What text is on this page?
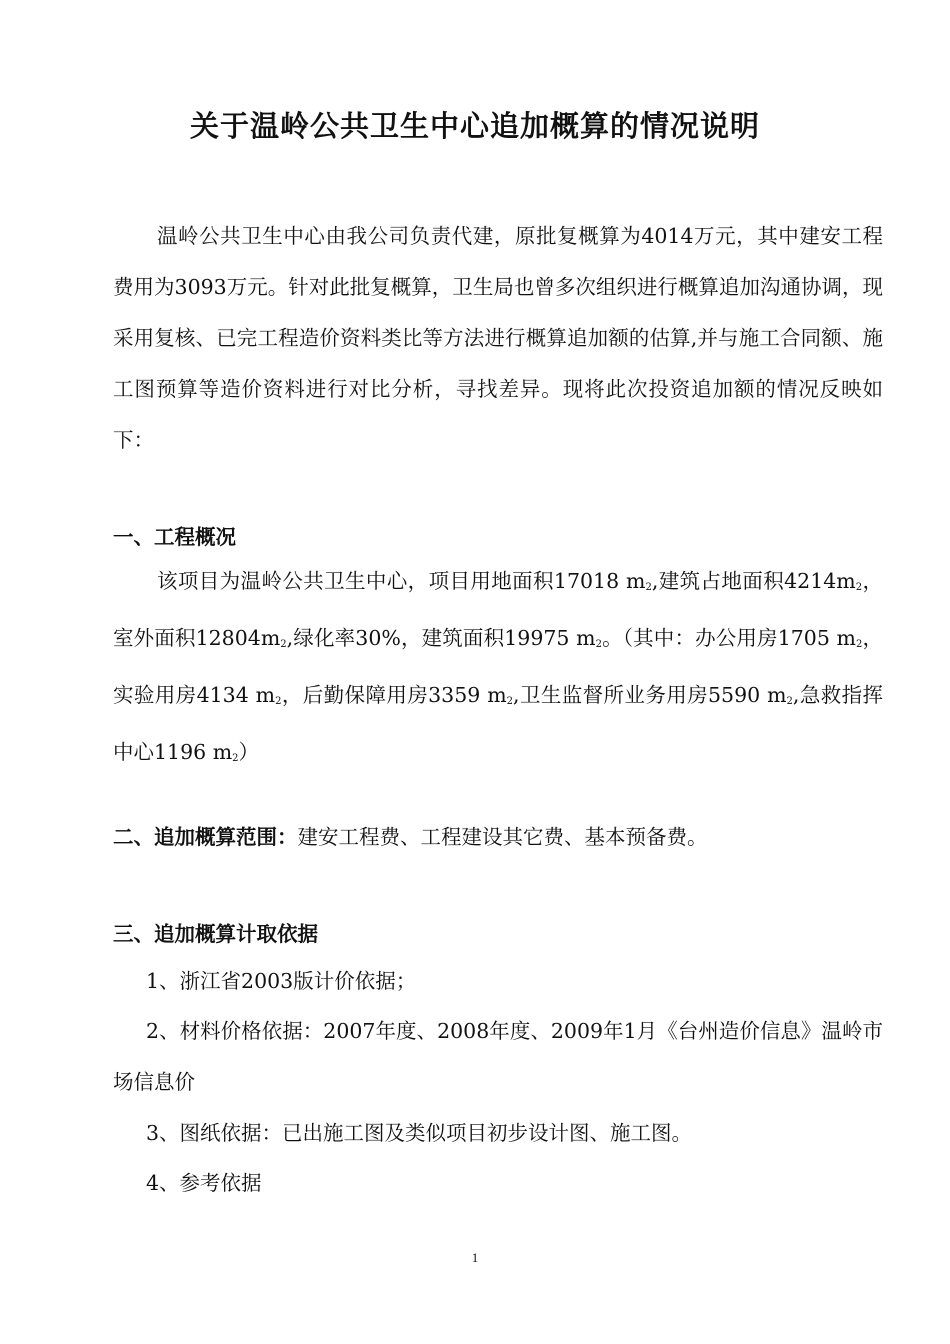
关于温岭公共卫生中心追加概算的情况说明

温岭公共卫生中心由我公司负责代建，原批复概算为4014万元，其中建安工程费用为3093万元。针对此批复概算，卫生局也曾多次组织进行概算追加沟通协调，现采用复核、已完工程造价资料类比等方法进行概算追加额的估算,并与施工合同额、施工图预算等造价资料进行对比分析，寻找差异。现将此次投资追加额的情况反映如下：

一、工程概况

该项目为温岭公共卫生中心，项目用地面积17018 $m_2$,建筑占地面积$4214m_2$，室外面积$12804m_2$,绿化率30%，建筑面积19975 $m_2$。（其中：办公用房1705 $m_2$，实验用房4134 $m_2$，后勤保障用房3359 $m_2$,卫生监督所业务用房5590 $m_2$,急救指挥中心1196 $m_2$）

二、追加概算范围：建安工程费、工程建设其它费、基本预备费。
三、追加概算计取依据

1、浙江省2003版计价依据；

2、材料价格依据：2007年度、2008年度、2009年1月《台州造价信息》温岭市场信息价

3、图纸依据：已出施工图及类似项目初步设计图、施工图。

4、参考依据

1
